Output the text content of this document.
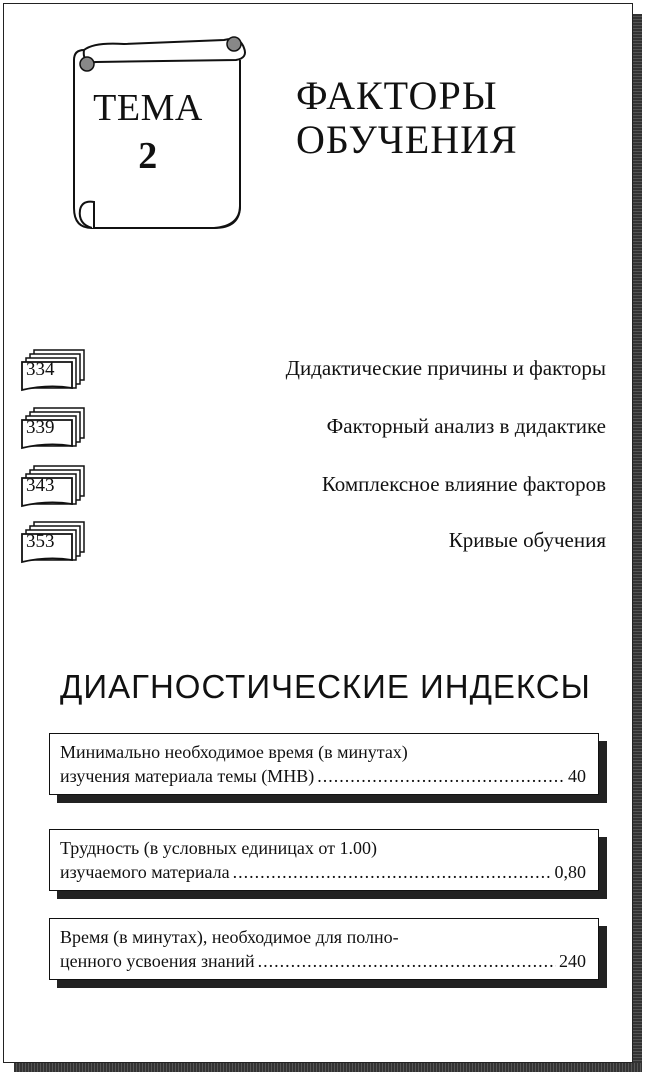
ТЕМА
2
ФАКТОРЫ
ОБУЧЕНИЯ
334	Дидактические причины и факторы
339	Факторный анализ в дидактике
343	Комплексное влияние факторов
353	Кривые обучения
ДИАГНОСТИЧЕСКИЕ ИНДЕКСЫ
Минимально необходимое время (в минутах)
изучения материала темы (МНВ) .....	40
Трудность (в условных единицах от 1.00)
изучаемого материала .....	0,80
Время (в минутах), необходимое для полно-
ценного усвоения знаний .....	240
